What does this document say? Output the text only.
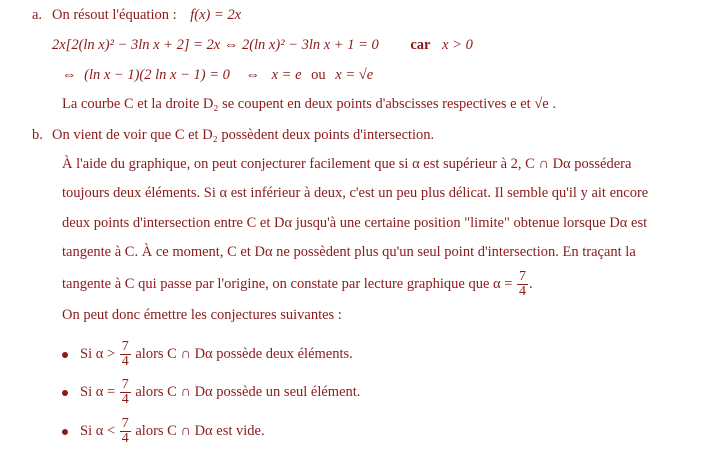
a. On résout l'équation : f(x) = 2x
2x[2(ln x)² − 3ln x + 2] = 2x ⇔ 2(ln x)² − 3ln x + 1 = 0 car x > 0
⇔ (ln x − 1)(2 ln x − 1) = 0 ⇔ x = e ou x = √e
La courbe C et la droite D₂ se coupent en deux points d'abscisses respectives e et √e .
b. On vient de voir que C et D₂ possèdent deux points d'intersection.
À l'aide du graphique, on peut conjecturer facilement que si α est supérieur à 2, C ∩ Dα possédera
toujours deux éléments. Si α est inférieur à deux, c'est un peu plus délicat. Il semble qu'il y ait encore
deux points d'intersection entre C et Dα jusqu'à une certaine position "limite" obtenue lorsque Dα est
tangente à C. À ce moment, C et Dα ne possèdent plus qu'un seul point d'intersection. En traçant la
tangente à C qui passe par l'origine, on constate par lecture graphique que $\alpha = \frac{7}{4}$ .
On peut donc émettre les conjectures suivantes :
Si $\alpha > \frac{7}{4}$ alors C ∩ Dα possède deux éléments.
Si $\alpha = \frac{7}{4}$ alors C ∩ Dα possède un seul élément.
Si $\alpha < \frac{7}{4}$ alors C ∩ Dα est vide.
